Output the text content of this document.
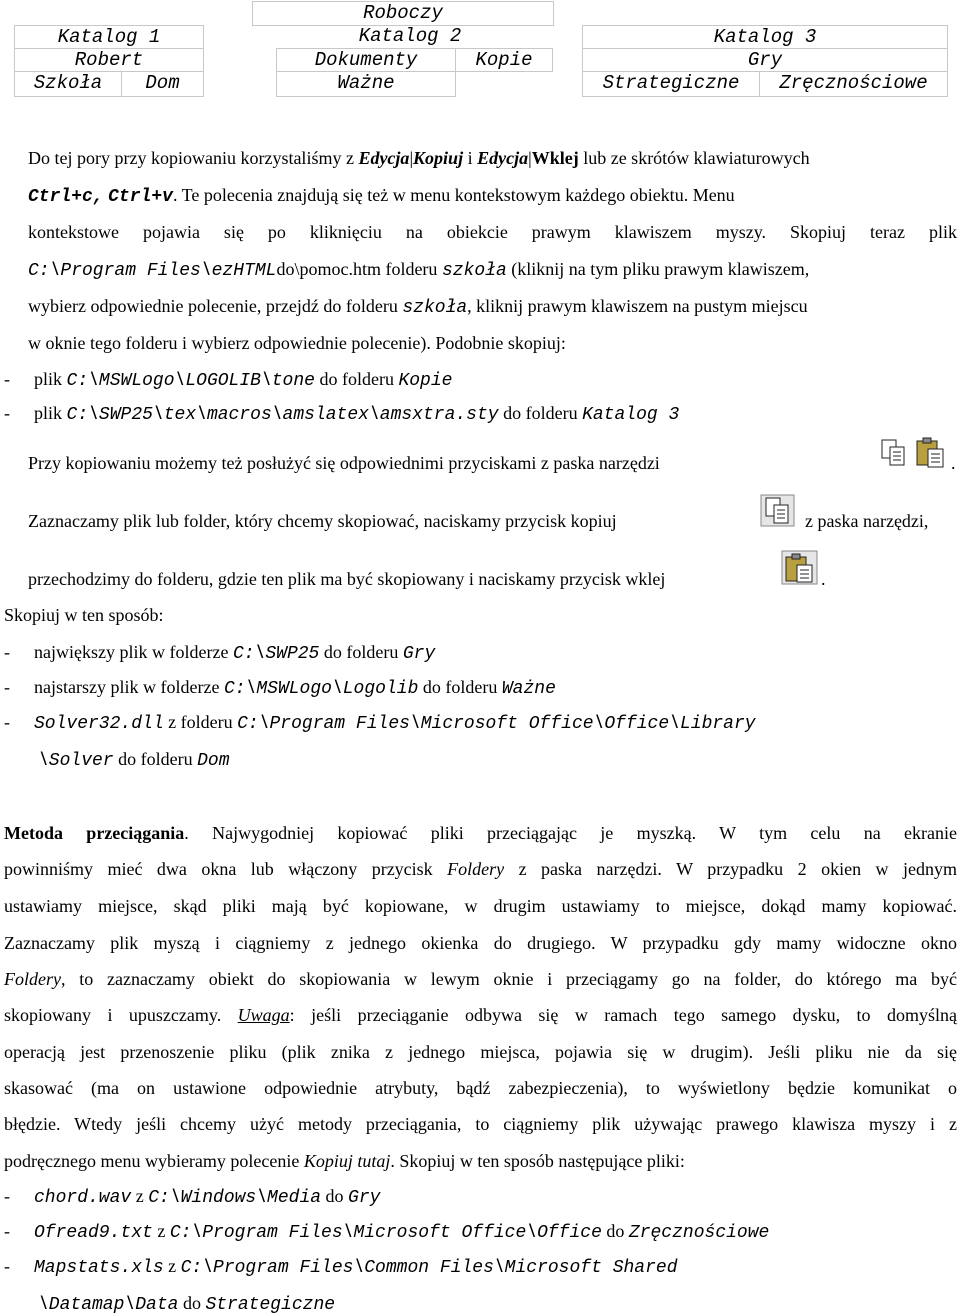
Roboczy
Katalog 1	Katalog 2	Katalog 3
Robert	Dokumenty	Kopie	Gry
Szkoła	Dom	Ważne	Strategiczne	Zręcznościowe
Do tej pory przy kopiowaniu korzystaliśmy z Edycja|Kopiuj i Edycja|Wklej lub ze skrótów klawiaturowych
Ctrl+c, Ctrl+v. Te polecenia znajdują się też w menu kontekstowym każdego obiektu. Menu
kontekstowe pojawia się po kliknięciu na obiekcie prawym klawiszem myszy. Skopiuj teraz plik
C:\Program Files\ezHTMLdo\pomoc.htm folderu szkoła (kliknij na tym pliku prawym klawiszem,
wybierz odpowiednie polecenie, przejdź do folderu szkoła, kliknij prawym klawiszem na pustym miejscu
w oknie tego folderu i wybierz odpowiednie polecenie). Podobnie skopiuj:
- plik C:\MSWLogo\LOGOLIB\tone do folderu Kopie
- plik C:\SWP25\tex\macros\amslatex\amsxtra.sty do folderu Katalog 3
Przy kopiowaniu możemy też posłużyć się odpowiednimi przyciskami z paska narzędzi	.
Zaznaczamy plik lub folder, który chcemy skopiować, naciskamy przycisk kopiuj	z paska narzędzi,
przechodzimy do folderu, gdzie ten plik ma być skopiowany i naciskamy przycisk wklej	.
Skopiuj w ten sposób:
- największy plik w folderze C:\SWP25 do folderu Gry
- najstarszy plik w folderze C:\MSWLogo\Logolib do folderu Ważne
- Solver32.dll z folderu C:\Program Files\Microsoft Office\Office\Library
\Solver do folderu Dom
Metoda przeciągania. Najwygodniej kopiować pliki przeciągając je myszką. W tym celu na ekranie
powinniśmy mieć dwa okna lub włączony przycisk Foldery z paska narzędzi. W przypadku 2 okien w jednym
ustawiamy miejsce, skąd pliki mają być kopiowane, w drugim ustawiamy to miejsce, dokąd mamy kopiować.
Zaznaczamy plik myszą i ciągniemy z jednego okienka do drugiego. W przypadku gdy mamy widoczne okno
Foldery, to zaznaczamy obiekt do skopiowania w lewym oknie i przeciągamy go na folder, do którego ma być
skopiowany i upuszczamy. Uwaga: jeśli przeciąganie odbywa się w ramach tego samego dysku, to domyślną
operacją jest przenoszenie pliku (plik znika z jednego miejsca, pojawia się w drugim). Jeśli pliku nie da się
skasować (ma on ustawione odpowiednie atrybuty, bądź zabezpieczenia), to wyświetlony będzie komunikat o
błędzie. Wtedy jeśli chcemy użyć metody przeciągania, to ciągniemy plik używając prawego klawisza myszy i z
podręcznego menu wybieramy polecenie Kopiuj tutaj. Skopiuj w ten sposób następujące pliki:
- chord.wav z C:\Windows\Media do Gry
- Ofread9.txt z C:\Program Files\Microsoft Office\Office do Zręcznościowe
- Mapstats.xls z C:\Program Files\Common Files\Microsoft Shared
\Datamap\Data do Strategiczne
